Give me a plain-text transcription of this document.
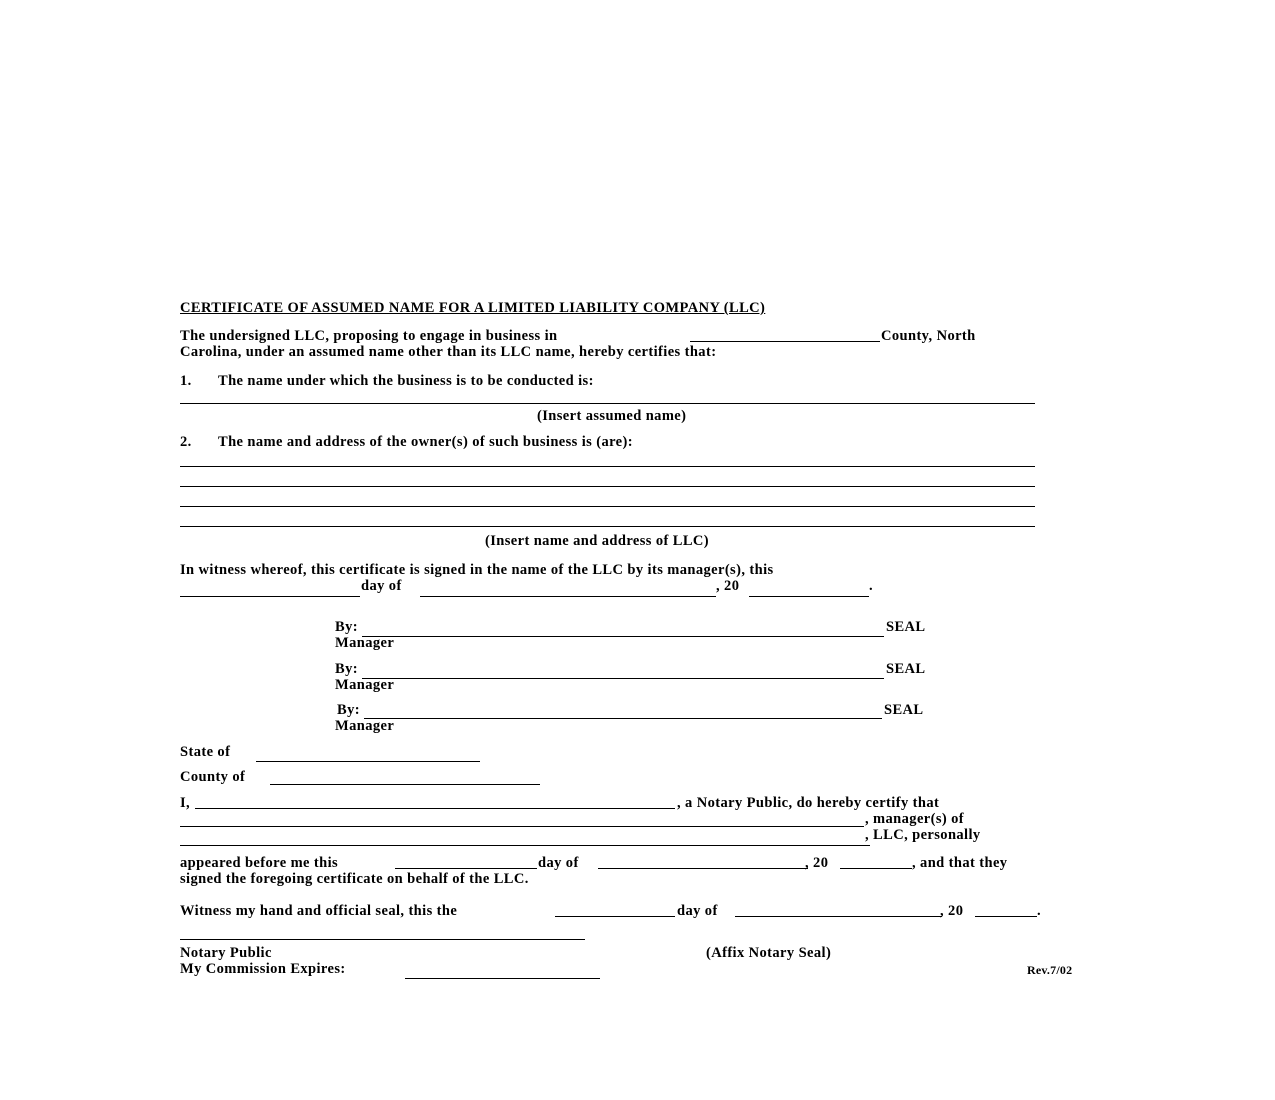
CERTIFICATE OF ASSUMED NAME FOR A LIMITED LIABILITY COMPANY (LLC)
The undersigned LLC, proposing to engage in business in	County, North
Carolina, under an assumed name other than its LLC name, hereby certifies that:
1. The name under which the business is to be conducted is:
(Insert assumed name)
2. The name and address of the owner(s) of such business is (are):
(Insert name and address of LLC)
In witness whereof, this certificate is signed in the name of the LLC by its manager(s), this
day of	, 20	.
By:	SEAL
Manager
By:	SEAL
Manager
By:	SEAL
Manager
State of
County of
I,	, a Notary Public, do hereby certify that
, manager(s) of
, LLC, personally
appeared before me this	day of	, 20	, and that they
signed the foregoing certificate on behalf of the LLC.
Witness my hand and official seal, this the	day of	, 20	.
Notary Public	(Affix Notary Seal)
My Commission Expires:	Rev.7/02
